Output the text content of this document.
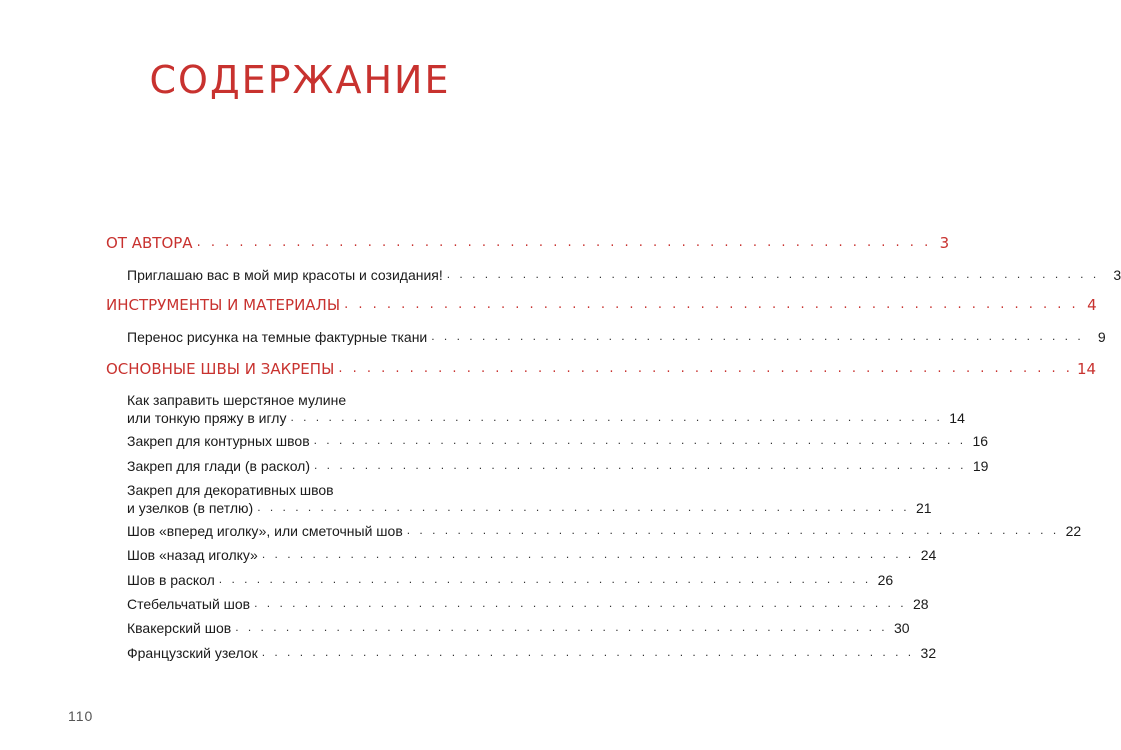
СОДЕРЖАНИЕ
ОТ АВТОРА . . . . . . . . . . . . . . . . . . . . . . . . . . . . . . . . . . . . . . . . . . . . . . . . . . . . 3
Приглашаю вас в мой мир красоты и созидания! . . . . . . . . . . . . . . . . . . . . . . . . . . . . . . . . . . . . . . . . . . . . . . . . . . . .	3
ИНСТРУМЕНТЫ И МАТЕРИАЛЫ . . . . . . . . . . . . . . . . . . . . . . . . . . . . . . . . . . . . . . . . . . . . . . . . . . . . 4
Перенос рисунка на темные фактурные ткани . . . . . . . . . . . . . . . . . . . . . . . . . . . . . . . . . . . . . . . . . . . . . . . . . . . .	9
ОСНОВНЫЕ ШВЫ И ЗАКРЕПЫ . . . . . . . . . . . . . . . . . . . . . . . . . . . . . . . . . . . . . . . . . . . . . . . . . . . . 14
Как заправить шерстяное мулине
или тонкую пряжу в иглу . . . . . . . . . . . . . . . . . . . . . . . . . . . . . . . . . . . . . . . . . . . . . . . . . . . . 14
Закреп для контурных швов . . . . . . . . . . . . . . . . . . . . . . . . . . . . . . . . . . . . . . . . . . . . . . . . . . . . 16
Закреп для глади (в раскол) . . . . . . . . . . . . . . . . . . . . . . . . . . . . . . . . . . . . . . . . . . . . . . . . . . . . 19
Закреп для декоративных швов
и узелков (в петлю) . . . . . . . . . . . . . . . . . . . . . . . . . . . . . . . . . . . . . . . . . . . . . . . . . . . . 21
Шов «вперед иголку», или сметочный шов . . . . . . . . . . . . . . . . . . . . . . . . . . . . . . . . . . . . . . . . . . . . . . . . . . . . 22
Шов «назад иголку» . . . . . . . . . . . . . . . . . . . . . . . . . . . . . . . . . . . . . . . . . . . . . . . . . . . . 24
Шов в раскол . . . . . . . . . . . . . . . . . . . . . . . . . . . . . . . . . . . . . . . . . . . . . . . . . . . . 26
Стебельчатый шов . . . . . . . . . . . . . . . . . . . . . . . . . . . . . . . . . . . . . . . . . . . . . . . . . . . . 28
Квакерский шов . . . . . . . . . . . . . . . . . . . . . . . . . . . . . . . . . . . . . . . . . . . . . . . . . . . . 30
Французский узелок . . . . . . . . . . . . . . . . . . . . . . . . . . . . . . . . . . . . . . . . . . . . . . . . . . . . 32
110
